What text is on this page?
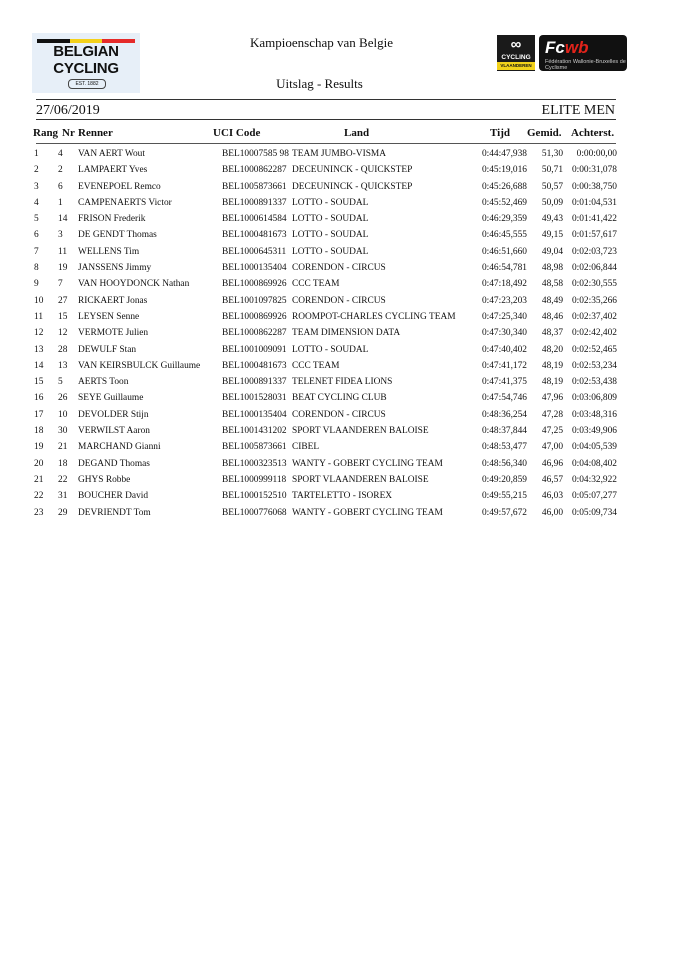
BELGIAN
CYCLING
EST. 1882
Kampioenschap van Belgie
Uitslag - Results
∞
CYCLING
VLAANDEREN
Fcwb
Fédération Wallonie-Bruxelles de Cyclisme
27/06/2019	ELITE MEN
Rang Nr Renner	UCI Code	Land	Tijd Gemid. Achterst.
1 4 VAN AERT Wout	BEL10007585 98 TEAM JUMBO-VISMA	0:44:47,938 51,30 0:00:00,00
2 2 LAMPAERT Yves	BEL1000862287 DECEUNINCK - QUICKSTEP	0:45:19,016 50,71 0:00:31,078
3 6 EVENEPOEL Remco	BEL1005873661 DECEUNINCK - QUICKSTEP	0:45:26,688 50,57 0:00:38,750
4 1 CAMPENAERTS Victor	BEL1000891337 LOTTO - SOUDAL	0:45:52,469 50,09 0:01:04,531
5 14 FRISON Frederik	BEL1000614584 LOTTO - SOUDAL	0:46:29,359 49,43 0:01:41,422
6 3 DE GENDT Thomas	BEL1000481673 LOTTO - SOUDAL	0:46:45,555 49,15 0:01:57,617
7 11 WELLENS Tim	BEL1000645311 LOTTO - SOUDAL	0:46:51,660 49,04 0:02:03,723
8 19 JANSSENS Jimmy	BEL1000135404 CORENDON - CIRCUS	0:46:54,781 48,98 0:02:06,844
9 7 VAN HOOYDONCK Nathan	BEL1000869926 CCC TEAM	0:47:18,492 48,58 0:02:30,555
10 27 RICKAERT Jonas	BEL1001097825 CORENDON - CIRCUS	0:47:23,203 48,49 0:02:35,266
11 15 LEYSEN Senne	BEL1000869926 ROOMPOT-CHARLES CYCLING TEAM	0:47:25,340 48,46 0:02:37,402
12 12 VERMOTE Julien	BEL1000862287 TEAM DIMENSION DATA	0:47:30,340 48,37 0:02:42,402
13 28 DEWULF Stan	BEL1001009091 LOTTO - SOUDAL	0:47:40,402 48,20 0:02:52,465
14 13 VAN KEIRSBULCK Guillaume BEL1000481673 CCC TEAM	0:47:41,172 48,19 0:02:53,234
15 5 AERTS Toon	BEL1000891337 TELENET FIDEA LIONS	0:47:41,375 48,19 0:02:53,438
16 26 SEYE Guillaume	BEL1001528031 BEAT CYCLING CLUB	0:47:54,746 47,96 0:03:06,809
17 10 DEVOLDER Stijn	BEL1000135404 CORENDON - CIRCUS	0:48:36,254 47,28 0:03:48,316
18 30 VERWILST Aaron	BEL1001431202 SPORT VLAANDEREN BALOISE	0:48:37,844 47,25 0:03:49,906
19 21 MARCHAND Gianni	BEL1005873661 CIBEL	0:48:53,477 47,00 0:04:05,539
20 18 DEGAND Thomas	BEL1000323513 WANTY - GOBERT CYCLING TEAM	0:48:56,340 46,96 0:04:08,402
21 22 GHYS Robbe	BEL1000999118 SPORT VLAANDEREN BALOISE	0:49:20,859 46,57 0:04:32,922
22 31 BOUCHER David	BEL1000152510 TARTELETTO - ISOREX	0:49:55,215 46,03 0:05:07,277
23 29 DEVRIENDT Tom	BEL1000776068 WANTY - GOBERT CYCLING TEAM	0:49:57,672 46,00 0:05:09,734
